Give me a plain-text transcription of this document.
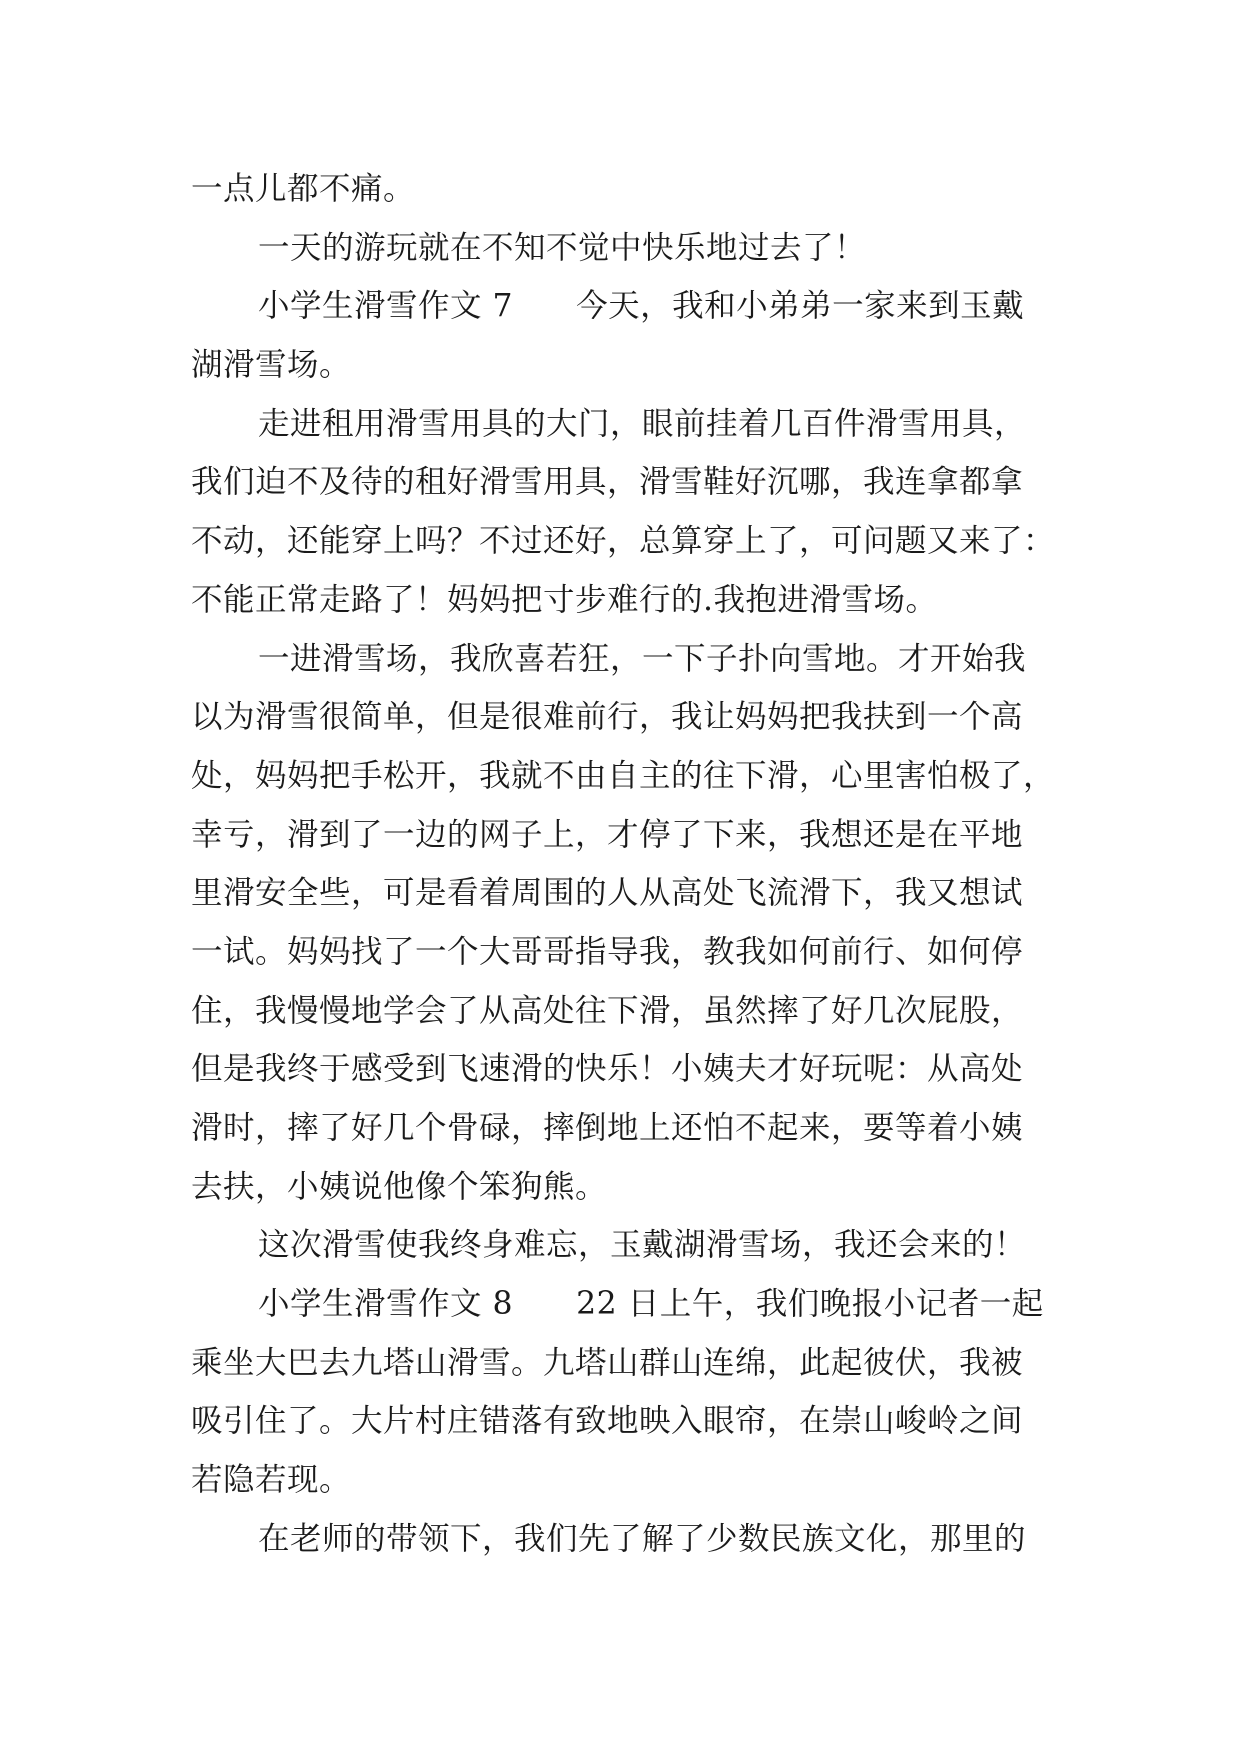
一点儿都不痛。
一天的游玩就在不知不觉中快乐地过去了！
小学生滑雪作文 7      今天，我和小弟弟一家来到玉戴
湖滑雪场。
走进租用滑雪用具的大门，眼前挂着几百件滑雪用具，
我们迫不及待的租好滑雪用具，滑雪鞋好沉哪，我连拿都拿
不动，还能穿上吗？不过还好，总算穿上了，可问题又来了：
不能正常走路了！妈妈把寸步难行的.我抱进滑雪场。
一进滑雪场，我欣喜若狂，一下子扑向雪地。才开始我
以为滑雪很简单，但是很难前行，我让妈妈把我扶到一个高
处，妈妈把手松开，我就不由自主的往下滑，心里害怕极了，
幸亏，滑到了一边的网子上，才停了下来，我想还是在平地
里滑安全些，可是看着周围的人从高处飞流滑下，我又想试
一试。妈妈找了一个大哥哥指导我，教我如何前行、如何停
住，我慢慢地学会了从高处往下滑，虽然摔了好几次屁股，
但是我终于感受到飞速滑的快乐！小姨夫才好玩呢：从高处
滑时，摔了好几个骨碌，摔倒地上还怕不起来，要等着小姨
去扶，小姨说他像个笨狗熊。
这次滑雪使我终身难忘，玉戴湖滑雪场，我还会来的！
小学生滑雪作文 8      22 日上午，我们晚报小记者一起
乘坐大巴去九塔山滑雪。九塔山群山连绵，此起彼伏，我被
吸引住了。大片村庄错落有致地映入眼帘，在崇山峻岭之间
若隐若现。
在老师的带领下，我们先了解了少数民族文化，那里的
